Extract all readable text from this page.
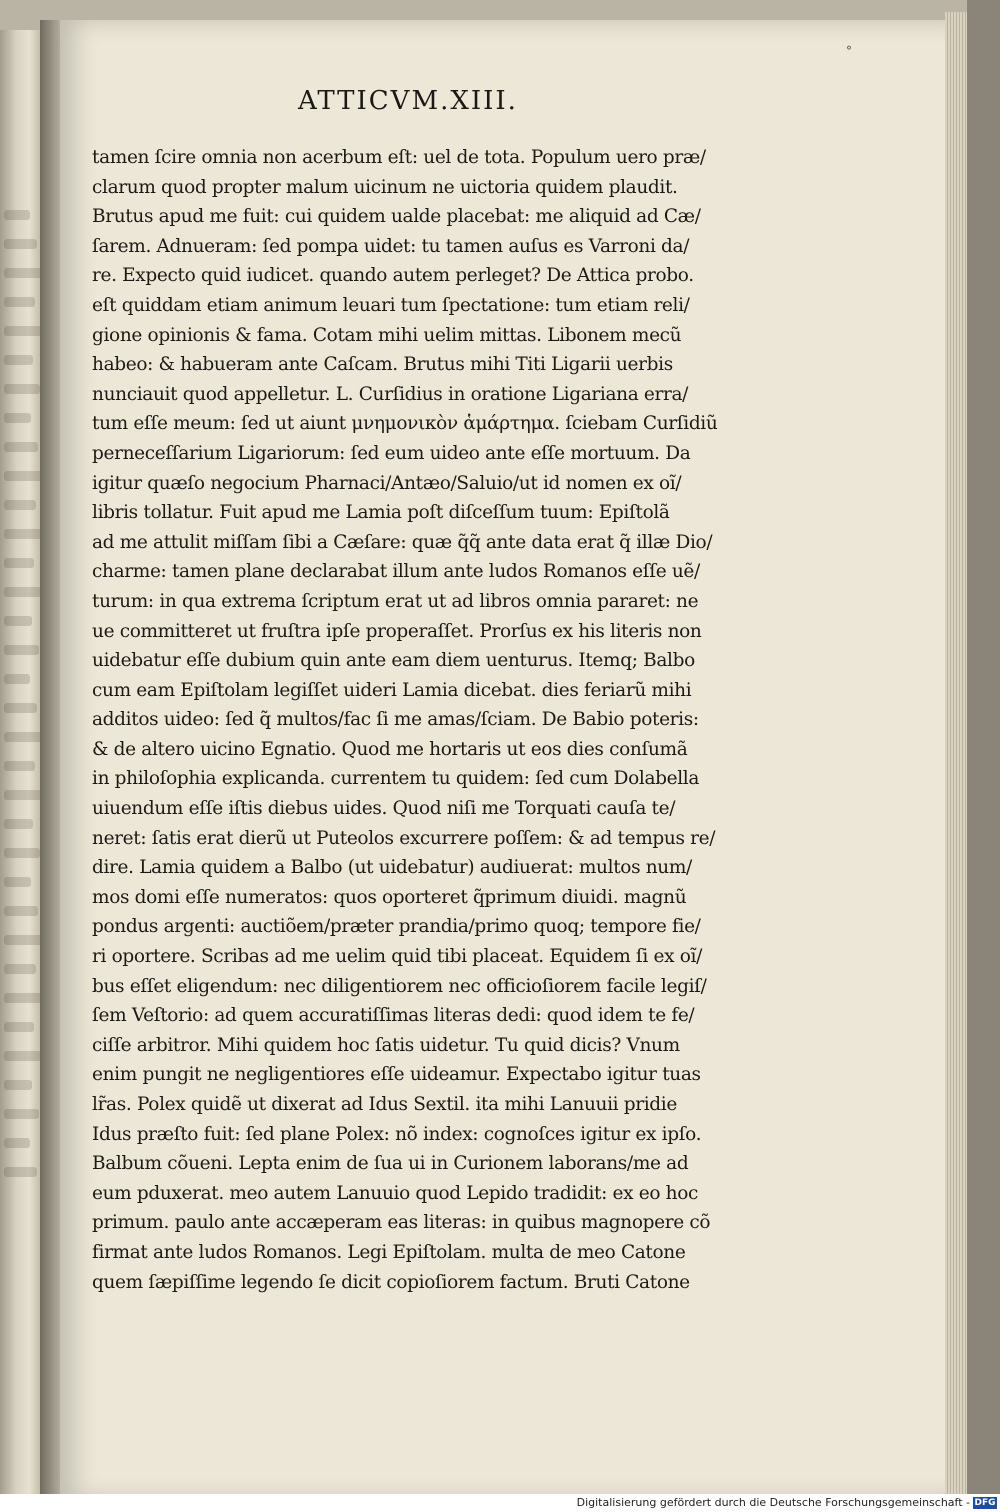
°
ATTICVM.XIII.
tamen ſcire omnia non acerbum eſt: uel de tota. Populum uero præ/
clarum quod propter malum uicinum ne uictoria quidem plaudit.
Brutus apud me fuit: cui quidem ualde placebat: me aliquid ad Cæ/
ſarem. Adnueram: ſed pompa uidet: tu tamen auſus es Varroni da/
re. Expecto quid iudicet. quando autem perleget? De Attica probo.
eſt quiddam etiam animum leuari tum ſpectatione: tum etiam reli/
gione opinionis & fama. Cotam mihi uelim mittas. Libonem mecũ
habeo: & habueram ante Caſcam. Brutus mihi Titi Ligarii uerbis
nunciauit quod appelletur. L. Curſidius in oratione Ligariana erra/
tum eſſe meum: ſed ut aiunt μνημονικὸν ἁμάρτημα. ſciebam Curſidiũ
perneceſſarium Ligariorum: ſed eum uideo ante eſſe mortuum. Da
igitur quæſo negocium Pharnaci/Antæo/Saluio/ut id nomen ex oĩ/
libris tollatur. Fuit apud me Lamia poſt diſceſſum tuum: Epiſtolã
ad me attulit miſſam ſibi a Cæſare: quæ q̃q̃ ante data erat q̃ illæ Dio/
charme: tamen plane declarabat illum ante ludos Romanos eſſe uẽ/
turum: in qua extrema ſcriptum erat ut ad libros omnia pararet: ne
ue committeret ut fruſtra ipſe properaſſet. Prorſus ex his literis non
uidebatur eſſe dubium quin ante eam diem uenturus. Itemq; Balbo
cum eam Epiſtolam legiſſet uideri Lamia dicebat. dies feriarũ mihi
additos uideo: ſed q̃ multos/fac ſi me amas/ſciam. De Babio poteris:
& de altero uicino Egnatio. Quod me hortaris ut eos dies conſumã
in philoſophia explicanda. currentem tu quidem: ſed cum Dolabella
uiuendum eſſe iſtis diebus uides. Quod niſi me Torquati cauſa te/
neret: ſatis erat dierũ ut Puteolos excurrere poſſem: & ad tempus re/
dire. Lamia quidem a Balbo (ut uidebatur) audiuerat: multos num/
mos domi eſſe numeratos: quos oporteret q̃primum diuidi. magnũ
pondus argenti: auctiõem/præter prandia/primo quoq; tempore fie/
ri oportere. Scribas ad me uelim quid tibi placeat. Equidem ſi ex oĩ/
bus eſſet eligendum: nec diligentiorem nec officioſiorem facile legiſ/
ſem Veſtorio: ad quem accuratiſſimas literas dedi: quod idem te fe/
ciſſe arbitror. Mihi quidem hoc ſatis uidetur. Tu quid dicis? Vnum
enim pungit ne negligentiores eſſe uideamur. Expectabo igitur tuas
lr̃as. Polex quidẽ ut dixerat ad Idus Sextil. ita mihi Lanuuii pridie
Idus præſto fuit: ſed plane Polex: nõ index: cognoſces igitur ex ipſo.
Balbum cõueni. Lepta enim de ſua ui in Curionem laborans/me ad
eum pduxerat. meo autem Lanuuio quod Lepido tradidit: ex eo hoc
primum. paulo ante accæperam eas literas: in quibus magnopere cõ
firmat ante ludos Romanos. Legi Epiſtolam. multa de meo Catone
quem ſæpiſſime legendo ſe dicit copioſiorem factum. Bruti Catone
Digitalisierung gefördert durch die Deutsche Forschungsgemeinschaft - DFG
